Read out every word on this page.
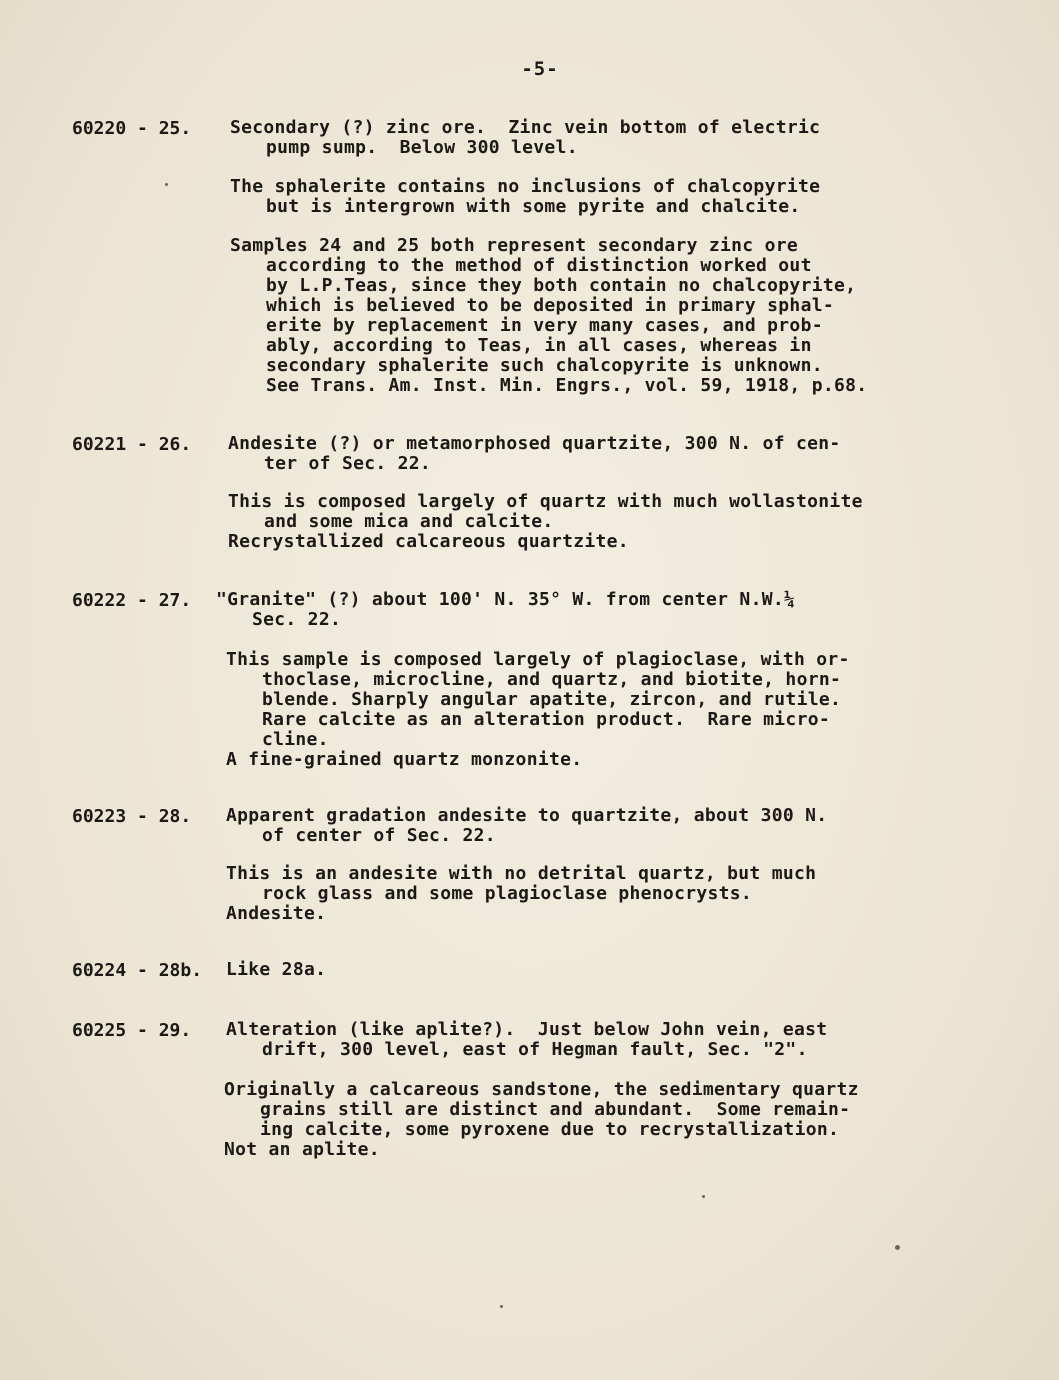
-5-
60220 - 25. Secondary (?) zinc ore.  Zinc vein bottom of electric
pump sump.  Below 300 level.
The sphalerite contains no inclusions of chalcopyrite
but is intergrown with some pyrite and chalcite.
Samples 24 and 25 both represent secondary zinc ore
according to the method of distinction worked out
by L.P.Teas, since they both contain no chalcopyrite,
which is believed to be deposited in primary sphal-
erite by replacement in very many cases, and prob-
ably, according to Teas, in all cases, whereas in
secondary sphalerite such chalcopyrite is unknown.
See Trans. Am. Inst. Min. Engrs., vol. 59, 1918, p.68.
60221 - 26. Andesite (?) or metamorphosed quartzite, 300 N. of cen-
ter of Sec. 22.
This is composed largely of quartz with much wollastonite
and some mica and calcite.
Recrystallized calcareous quartzite.
60222 - 27. "Granite" (?) about 100' N. 35° W. from center N.W.¼
Sec. 22.
This sample is composed largely of plagioclase, with or-
thoclase, microcline, and quartz, and biotite, horn-
blende. Sharply angular apatite, zircon, and rutile.
Rare calcite as an alteration product.  Rare micro-
cline.
A fine-grained quartz monzonite.
60223 - 28. Apparent gradation andesite to quartzite, about 300 N.
of center of Sec. 22.
This is an andesite with no detrital quartz, but much
rock glass and some plagioclase phenocrysts.
Andesite.
60224 - 28b. Like 28a.
60225 - 29. Alteration (like aplite?).  Just below John vein, east
drift, 300 level, east of Hegman fault, Sec. "2".
Originally a calcareous sandstone, the sedimentary quartz
grains still are distinct and abundant.  Some remain-
ing calcite, some pyroxene due to recrystallization.
Not an aplite.
